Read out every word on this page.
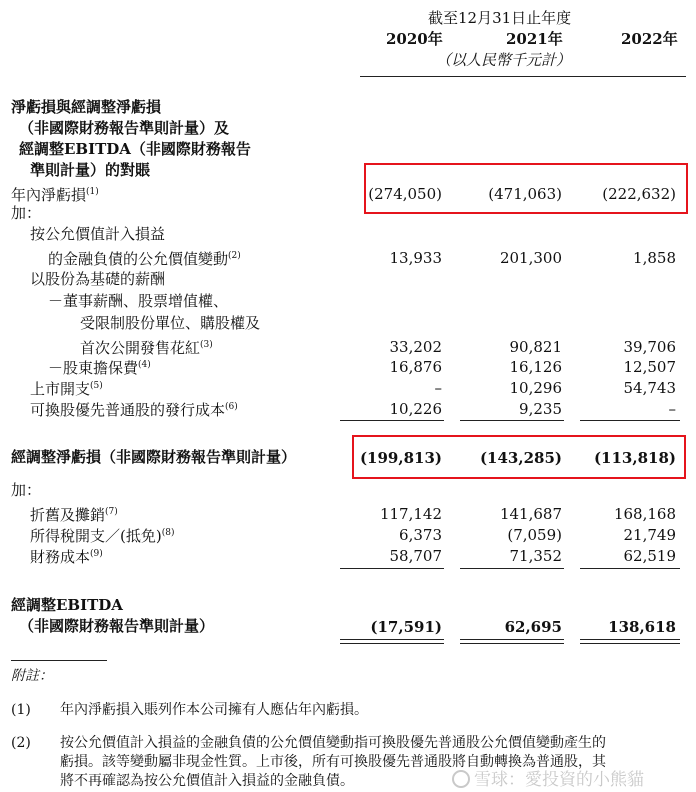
截至12月31日止年度
2020年	2021年	2022年
（以人民幣千元計）
淨虧損與經調整淨虧損
（非國際財務報告準則計量）及
經調整EBITDA（非國際財務報告
準則計量）的對賬
年內淨虧損$^{(1)}$	(274,050)	(471,063)	(222,632)
加：
按公允價值計入損益
的金融負債的公允價值變動$^{(2)}$	13,933	201,300	1,858
以股份為基礎的薪酬
－董事薪酬、股票增值權、
受限制股份單位、購股權及
首次公開發售花紅$^{(3)}$	33,202	90,821	39,706
－股東擔保費$^{(4)}$	16,876	16,126	12,507
上市開支$^{(5)}$	–	10,296	54,743
可換股優先普通股的發行成本$^{(6)}$	10,226	9,235	–
經調整淨虧損（非國際財務報告準則計量）	(199,813)	(143,285)	(113,818)
加：
折舊及攤銷$^{(7)}$	117,142	141,687	168,168
所得稅開支／(抵免)$^{(8)}$	6,373	(7,059)	21,749
財務成本$^{(9)}$	58,707	71,352	62,519
經調整EBITDA
（非國際財務報告準則計量）	(17,591)	62,695	138,618
附註：
(1) 年內淨虧損入賬列作本公司擁有人應佔年內虧損。
(2) 按公允價值計入損益的金融負債的公允價值變動指可換股優先普通股公允價值變動產生的
虧損。該等變動屬非現金性質。上市後，所有可換股優先普通股將自動轉換為普通股，其
將不再確認為按公允價值計入損益的金融負債。	雪球：愛投資的小熊貓
